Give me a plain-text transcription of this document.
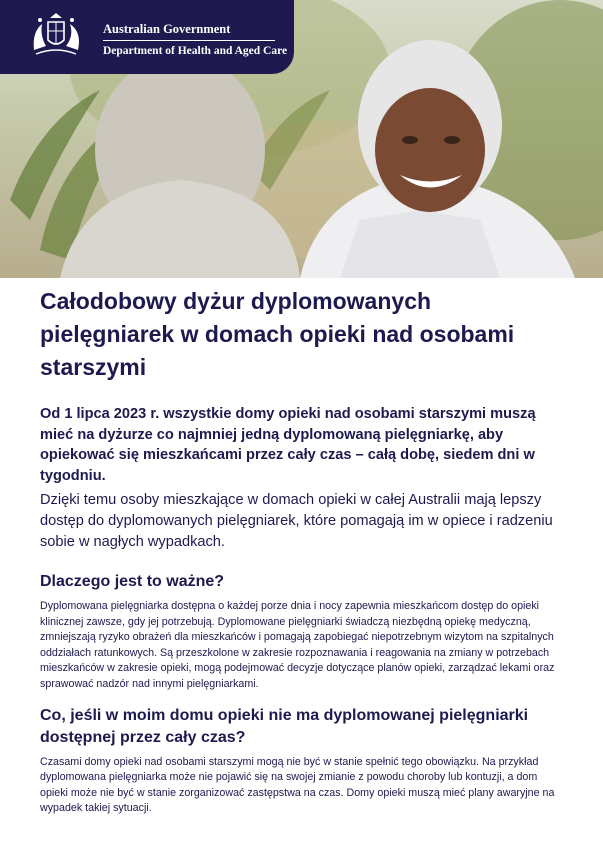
Australian Government
Department of Health and Aged Care
Całodobowy dyżur dyplomowanych pielęgniarek w domach opieki nad osobami starszymi

Od 1 lipca 2023 r. wszystkie domy opieki nad osobami starszymi muszą mieć na dyżurze co najmniej jedną dyplomowaną pielęgniarkę, aby opiekować się mieszkańcami przez cały czas – całą dobę, siedem dni w tygodniu.

Dzięki temu osoby mieszkające w domach opieki w całej Australii mają lepszy dostęp do dyplomowanych pielęgniarek, które pomagają im w opiece i radzeniu sobie w nagłych wypadkach.

Dlaczego jest to ważne?

Dyplomowana pielęgniarka dostępna o każdej porze dnia i nocy zapewnia mieszkańcom dostęp do opieki klinicznej zawsze, gdy jej potrzebują. Dyplomowane pielęgniarki świadczą niezbędną opiekę medyczną, zmniejszają ryzyko obrażeń dla mieszkańców i pomagają zapobiegać niepotrzebnym wizytom na szpitalnych oddziałach ratunkowych. Są przeszkolone w zakresie rozpoznawania i reagowania na zmiany w potrzebach mieszkańców w zakresie opieki, mogą podejmować decyzje dotyczące planów opieki, zarządzać lekami oraz sprawować nadzór nad innymi pielęgniarkami.

Co, jeśli w moim domu opieki nie ma dyplomowanej pielęgniarki dostępnej przez cały czas?

Czasami domy opieki nad osobami starszymi mogą nie być w stanie spełnić tego obowiązku. Na przykład dyplomowana pielęgniarka może nie pojawić się na swojej zmianie z powodu choroby lub kontuzji, a dom opieki może nie być w stanie zorganizować zastępstwa na czas. Domy opieki muszą mieć plany awaryjne na wypadek takiej sytuacji.
